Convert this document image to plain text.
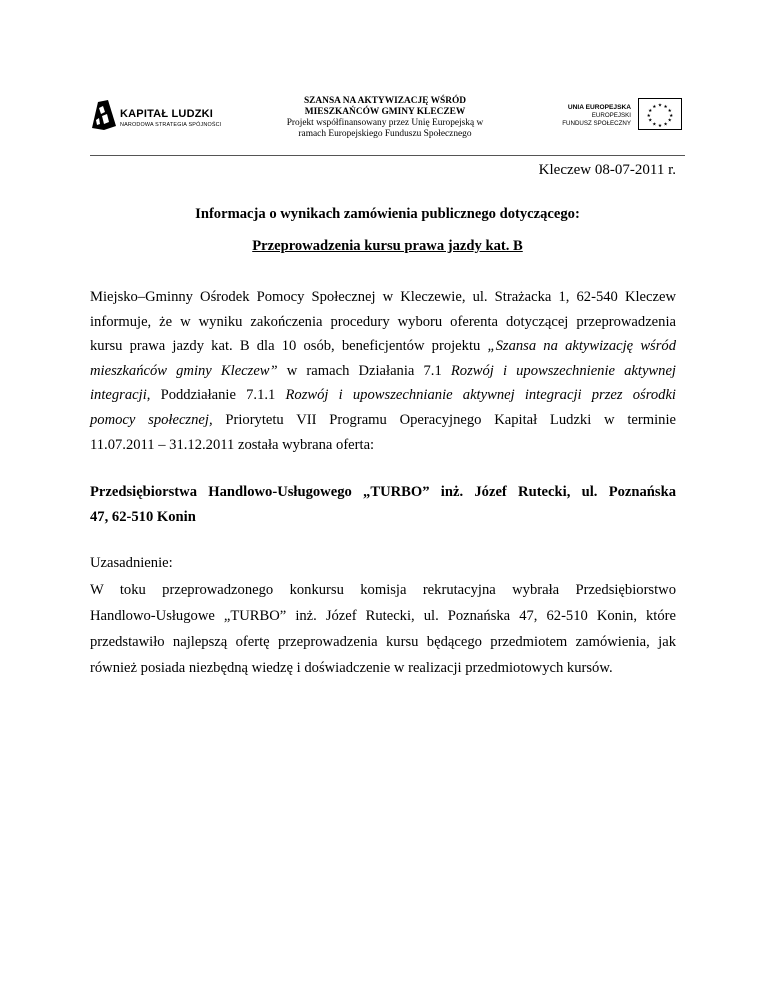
KAPITAŁ LUDZKI
NARODOWA STRATEGIA SPÓJNOŚCI
SZANSA NA AKTYWIZACJĘ WŚRÓD
MIESZKAŃCÓW GMINY KLECZEW
Projekt współfinansowany przez Unię Europejską w
ramach Europejskiego Funduszu Społecznego
UNIA EUROPEJSKA
EUROPEJSKI
FUNDUSZ SPOŁECZNY
★ ★
★
★
★
★
★
★
★
★
★
★
Kleczew 08-07-2011 r.
Informacja o wynikach zamówienia publicznego dotyczącego:
Przeprowadzenia kursu prawa jazdy kat. B
Miejsko–Gminny Ośrodek Pomocy Społecznej w Kleczewie, ul. Strażacka 1, 62-540 Kleczew
informuje, że w wyniku zakończenia procedury wyboru oferenta dotyczącej przeprowadzenia
kursu prawa jazdy kat. B dla 10 osób, beneficjentów projektu „Szansa na aktywizację wśród
mieszkańców gminy Kleczew” w ramach Działania 7.1 Rozwój i upowszechnienie aktywnej
integracji, Poddziałanie 7.1.1 Rozwój i upowszechnianie aktywnej integracji przez ośrodki
pomocy społecznej, Priorytetu VII Programu Operacyjnego Kapitał Ludzki w terminie
11.07.2011 – 31.12.2011 została wybrana oferta:
Przedsiębiorstwa Handlowo-Usługowego „TURBO” inż. Józef Rutecki, ul. Poznańska
47, 62-510 Konin
Uzasadnienie:
W toku przeprowadzonego konkursu komisja rekrutacyjna wybrała Przedsiębiorstwo
Handlowo-Usługowe „TURBO” inż. Józef Rutecki, ul. Poznańska 47, 62-510 Konin, które
przedstawiło najlepszą ofertę przeprowadzenia kursu będącego przedmiotem zamówienia, jak
również posiada niezbędną wiedzę i doświadczenie w realizacji przedmiotowych kursów.
